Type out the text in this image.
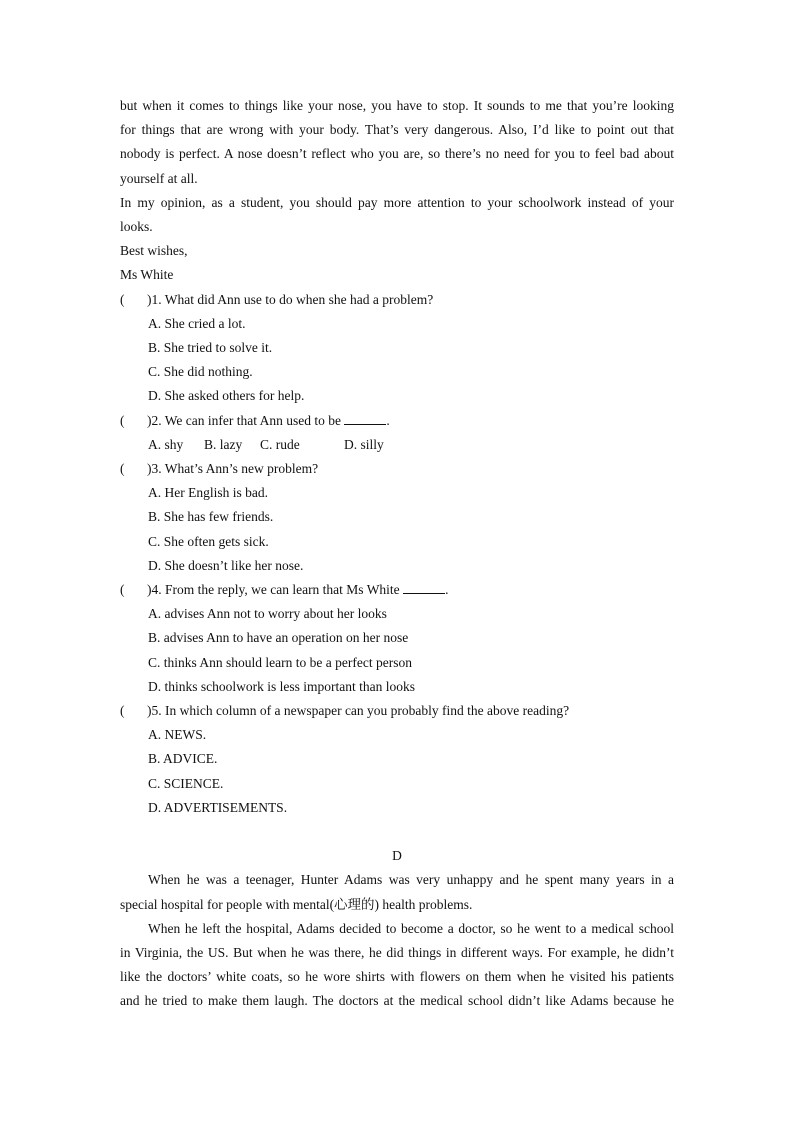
but when it comes to things like your nose, you have to stop. It sounds to me that you’re looking
for things that are wrong with your body. That’s very dangerous. Also, I’d like to point out that
nobody is perfect. A nose doesn’t reflect who you are, so there’s no need for you to feel bad about
yourself at all.
In my opinion, as a student, you should pay more attention to your schoolwork instead of your
looks.
Best wishes,
Ms White
( )1. What did Ann use to do when she had a problem?
A. She cried a lot.
B. She tried to solve it.
C. She did nothing.
D. She asked others for help.
( )2. We can infer that Ann used to be	.
A. shy B. lazy C. rude	D. silly
( )3. What’s Ann’s new problem?
A. Her English is bad.
B. She has few friends.
C. She often gets sick.
D. She doesn’t like her nose.
( )4. From the reply, we can learn that Ms White	.
A. advises Ann not to worry about her looks
B. advises Ann to have an operation on her nose
C. thinks Ann should learn to be a perfect person
D. thinks schoolwork is less important than looks
( )5. In which column of a newspaper can you probably find the above reading?
A. NEWS.
B. ADVICE.
C. SCIENCE.
D. ADVERTISEMENTS.
D
When he was a teenager, Hunter Adams was very unhappy and he spent many years in a
special hospital for people with mental(心理的) health problems.
When he left the hospital, Adams decided to become a doctor, so he went to a medical school
in Virginia, the US. But when he was there, he did things in different ways. For example, he didn’t
like the doctors’ white coats, so he wore shirts with flowers on them when he visited his patients
and he tried to make them laugh. The doctors at the medical school didn’t like Adams because he
